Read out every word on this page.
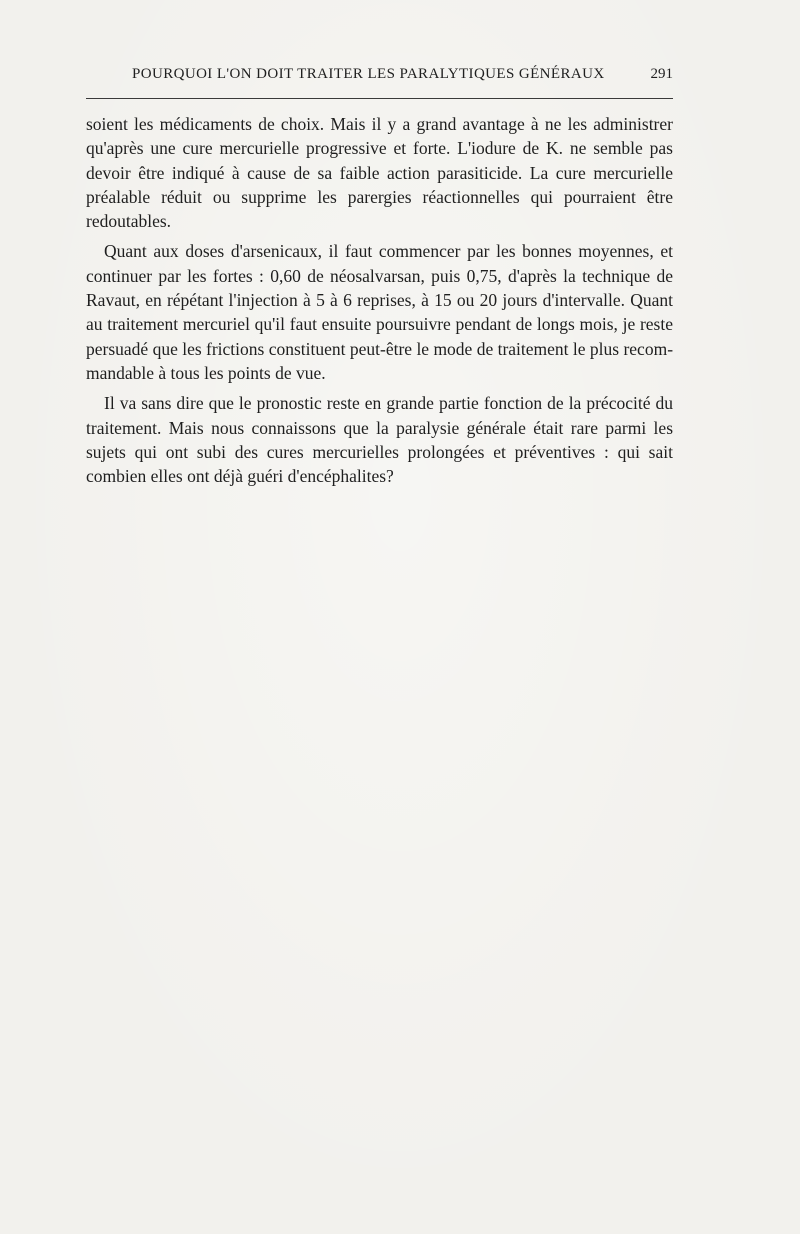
POURQUOI L'ON DOIT TRAITER LES PARALYTIQUES GÉNÉRAUX	291

soient les médicaments de choix. Mais il y a grand avantage à ne les administrer qu'après une cure mercurielle progressive et forte. L'iodure de K. ne semble pas devoir être indiqué à cause de sa faible action parasiticide. La cure mercurielle préalable réduit ou supprime les parergies réactionnelles qui pourraient être redoutables.

Quant aux doses d'arsenicaux, il faut commencer par les bonnes moyennes, et continuer par les fortes : 0,60 de néosalvarsan, puis 0,75, d'après la technique de Ravaut, en répétant l'injection à 5 à 6 reprises, à 15 ou 20 jours d'intervalle. Quant au traitement mercuriel qu'il faut ensuite poursuivre pendant de longs mois, je reste persuadé que les frictions constituent peut-être le mode de traitement le plus recommandable à tous les points de vue.

Il va sans dire que le pronostic reste en grande partie fonction de la précocité du traitement. Mais nous connaissons que la paralysie générale était rare parmi les sujets qui ont subi des cures mercurielles prolongées et préventives : qui sait combien elles ont déjà guéri d'encéphalites?
